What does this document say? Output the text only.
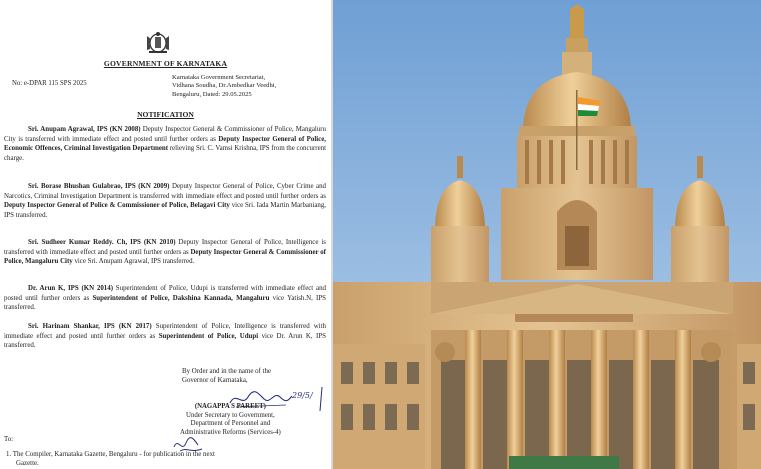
GOVERNMENT OF KARNATAKA
No: e-DPAR 115 SPS 2025
Karnataka Government Secretariat,
Vidhana Soudha, Dr.Ambedkar Veedhi,
Bengaluru, Dated: 29.05.2025
NOTIFICATION
Sri. Anupam Agrawal, IPS (KN 2008) Deputy Inspector General & Commissioner of Police, Mangaluru City is transferred with immediate effect and posted until further orders as Deputy Inspector General of Police, Economic Offences, Criminal Investigation Department relieving Sri. C. Vamsi Krishna, IPS from the concurrent charge.
Sri. Borase Bhushan Gulabrao, IPS (KN 2009) Deputy Inspector General of Police, Cyber Crime and Narcotics, Criminal Investigation Department is transferred with immediate effect and posted until further orders as Deputy Inspector General of Police & Commissioner of Police, Belagavi City vice Sri. Iada Martin Marbaniang, IPS transferred.
Sri. Sudheer Kumar Reddy. Ch, IPS (KN 2010) Deputy Inspector General of Police, Intelligence is transferred with immediate effect and posted until further orders as Deputy Inspector General & Commissioner of Police, Mangaluru City vice Sri. Anupam Agrawal, IPS transferred.
Dr. Arun K, IPS (KN 2014) Superintendent of Police, Udupi is transferred with immediate effect and posted until further orders as Superintendent of Police, Dakshina Kannada, Mangaluru vice Yatish.N, IPS transferred.
Sri. Harinam Shankar, IPS (KN 2017) Superintendent of Police, Intelligence is transferred with immediate effect and posted until further orders as Superintendent of Police, Udupi vice Dr. Arun K, IPS transferred.
By Order and in the name of the
Governor of Karnataka,
29/5/
(NAGAPPA S PAREET)
Under Secretary to Government,
Department of Personnel and
Administrative Reforms (Services-4)
To:
1. The Compiler, Karnataka Gazette, Bengaluru - for publication in the next
Gazette.
